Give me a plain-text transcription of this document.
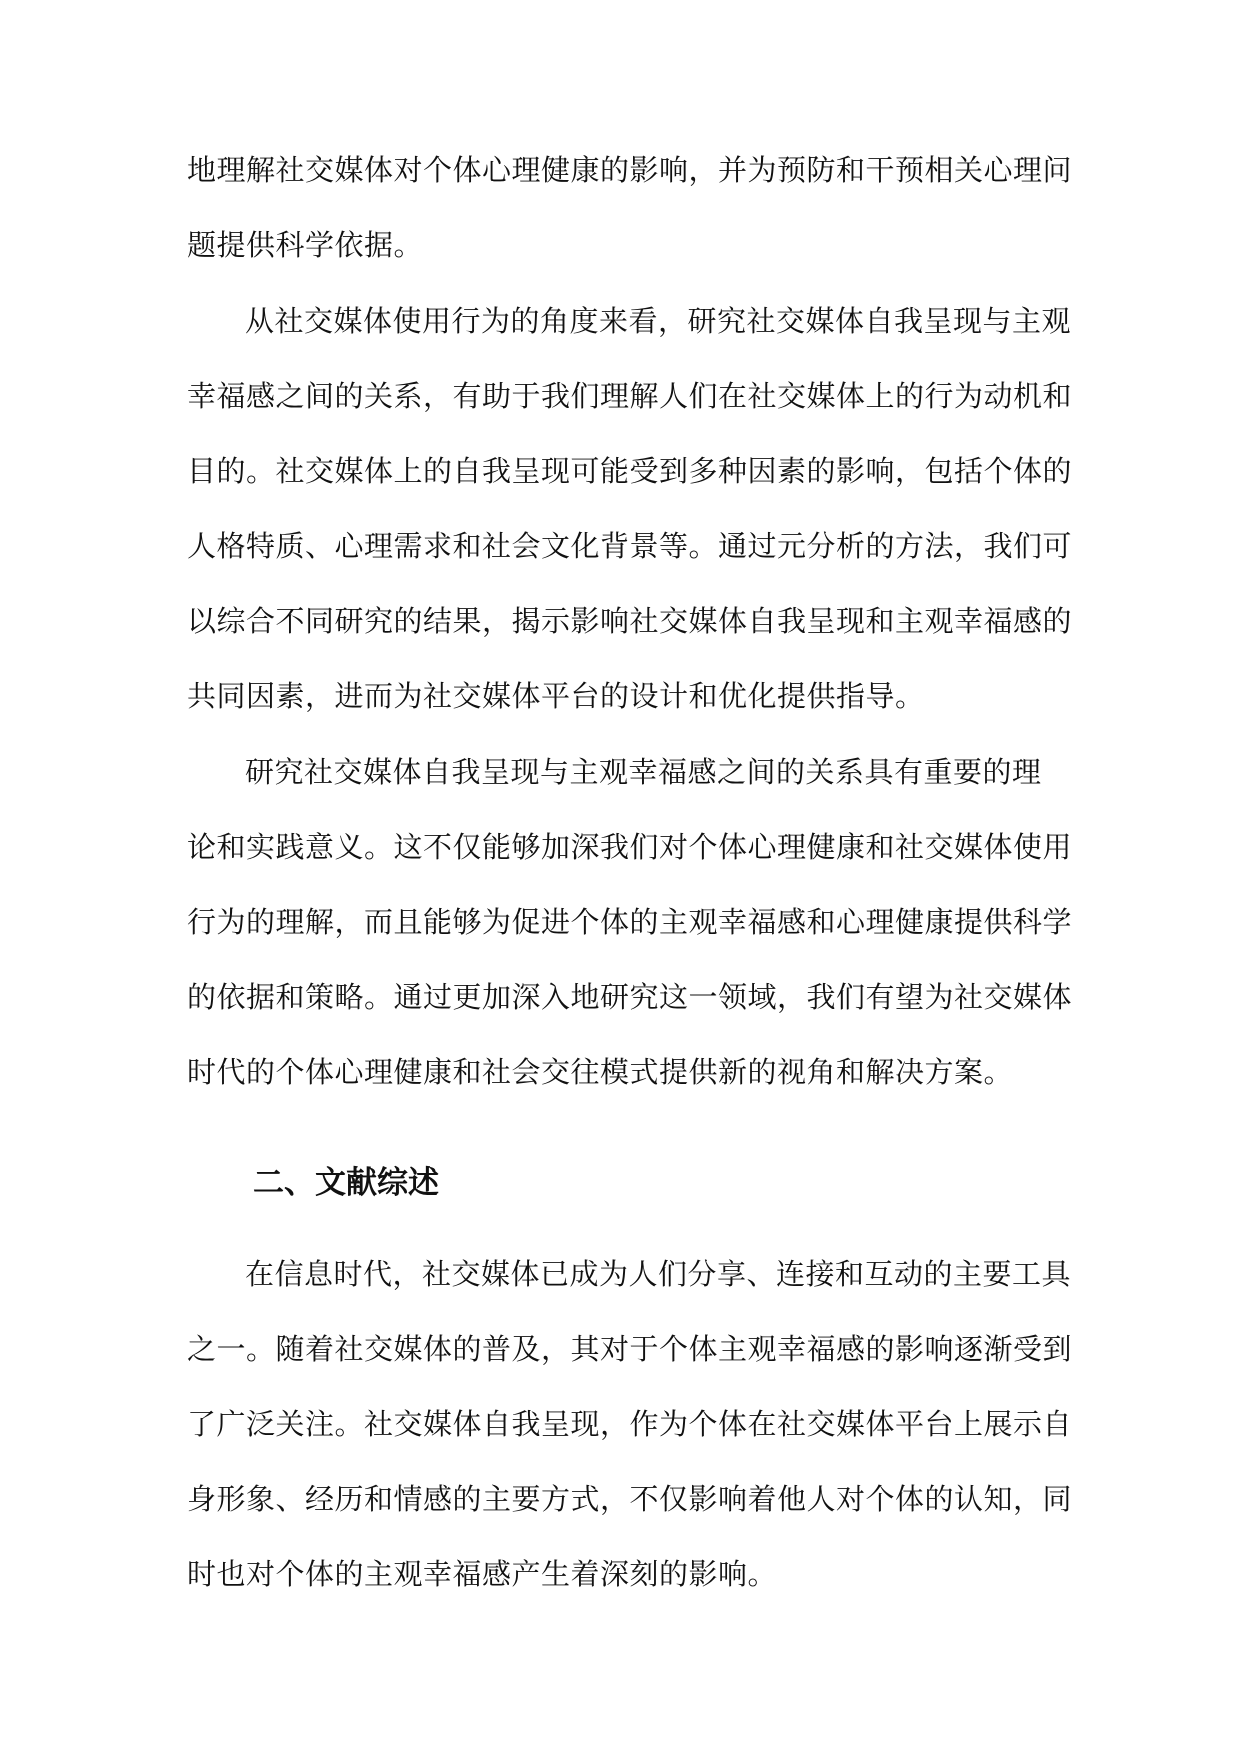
地理解社交媒体对个体心理健康的影响，并为预防和干预相关心理问
题提供科学依据。
从社交媒体使用行为的角度来看，研究社交媒体自我呈现与主观
幸福感之间的关系，有助于我们理解人们在社交媒体上的行为动机和
目的。社交媒体上的自我呈现可能受到多种因素的影响，包括个体的
人格特质、心理需求和社会文化背景等。通过元分析的方法，我们可
以综合不同研究的结果，揭示影响社交媒体自我呈现和主观幸福感的
共同因素，进而为社交媒体平台的设计和优化提供指导。
研究社交媒体自我呈现与主观幸福感之间的关系具有重要的理
论和实践意义。这不仅能够加深我们对个体心理健康和社交媒体使用
行为的理解，而且能够为促进个体的主观幸福感和心理健康提供科学
的依据和策略。通过更加深入地研究这一领域，我们有望为社交媒体
时代的个体心理健康和社会交往模式提供新的视角和解决方案。
二、文献综述
在信息时代，社交媒体已成为人们分享、连接和互动的主要工具
之一。随着社交媒体的普及，其对于个体主观幸福感的影响逐渐受到
了广泛关注。社交媒体自我呈现，作为个体在社交媒体平台上展示自
身形象、经历和情感的主要方式，不仅影响着他人对个体的认知，同
时也对个体的主观幸福感产生着深刻的影响。
